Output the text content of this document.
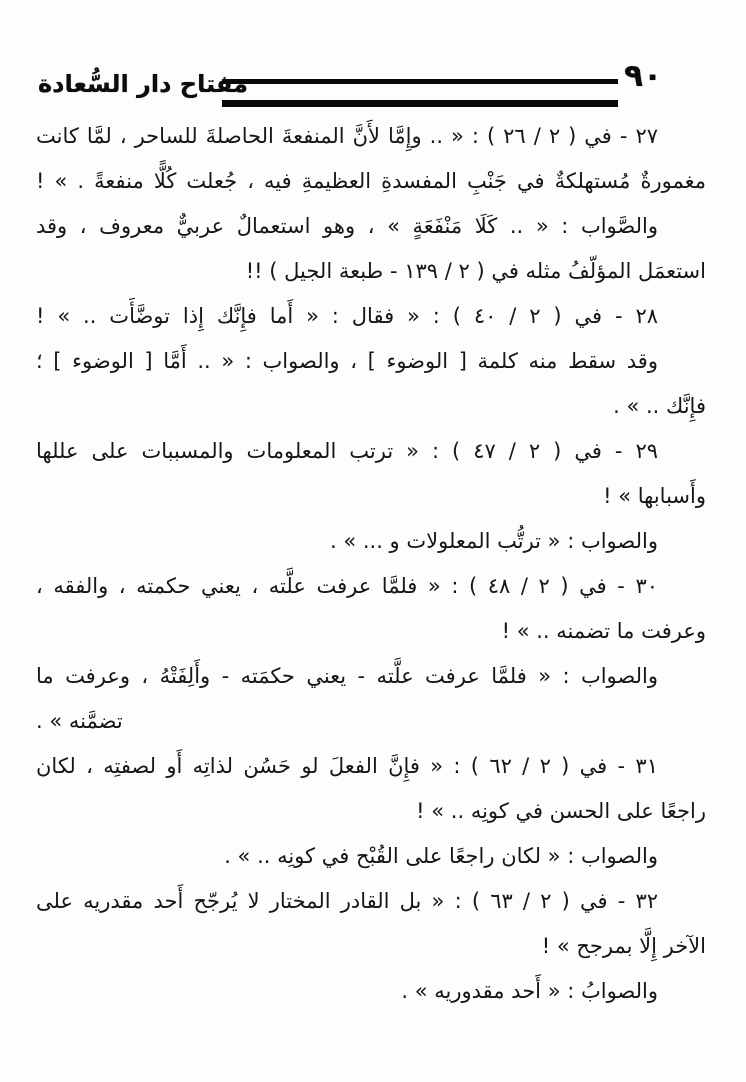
مفتاح دار السُّعادة	٩٠
٢٧ - في ( ٢ / ٢٦ ) : « .. وإِمَّا لأَنَّ المنفعةَ الحاصلةَ للساحر ، لمَّا كانت
مغمورةٌ مُستهلكةٌ في جَنْبِ المفسدةِ العظيمةِ فيه ، جُعلت كُلًّا منفعةً . » !
والصَّواب : « .. كَلَا مَنْفَعَةٍ » ، وهو استعمالٌ عربيٌّ معروف ، وقد
استعمَل المؤلّفُ مثله في ( ٢ / ١٣٩ - طبعة الجيل ) !!
٢٨ - في ( ٢ / ٤٠ ) : « فقال : « أَما فإِنَّك إِذا توضَّأَت .. » !
وقد سقط منه كلمة [ الوضوء ] ، والصواب : « .. أَمَّا [ الوضوء ] ؛
فإِنَّك .. » .
٢٩ - في ( ٢ / ٤٧ ) : « ترتب المعلومات والمسببات على عللها
وأَسبابها » !
والصواب : « ترتُّب المعلولات و ... » .
٣٠ - في ( ٢ / ٤٨ ) : « فلمَّا عرفت علَّته ، يعني حكمته ، والفقه ،
وعرفت ما تضمنه .. » !
والصواب : « فلمَّا عرفت علَّته - يعني حكمَته - وأَلِفَتْهُ ، وعرفت ما
تضمَّنه » .
٣١ - في ( ٢ / ٦٢ ) : « فإِنَّ الفعلَ لو حَسُن لذاتِه أَو لصفتِه ، لكان
راجعًا على الحسن في كونِه .. » !
والصواب : « لكان راجعًا على القُبْح في كونِه .. » .
٣٢ - في ( ٢ / ٦٣ ) : « بل القادر المختار لا يُرجّح أَحد مقدريه على
الآخر إِلَّا بمرجح » !
والصوابُ : « أَحد مقدوريه » .
